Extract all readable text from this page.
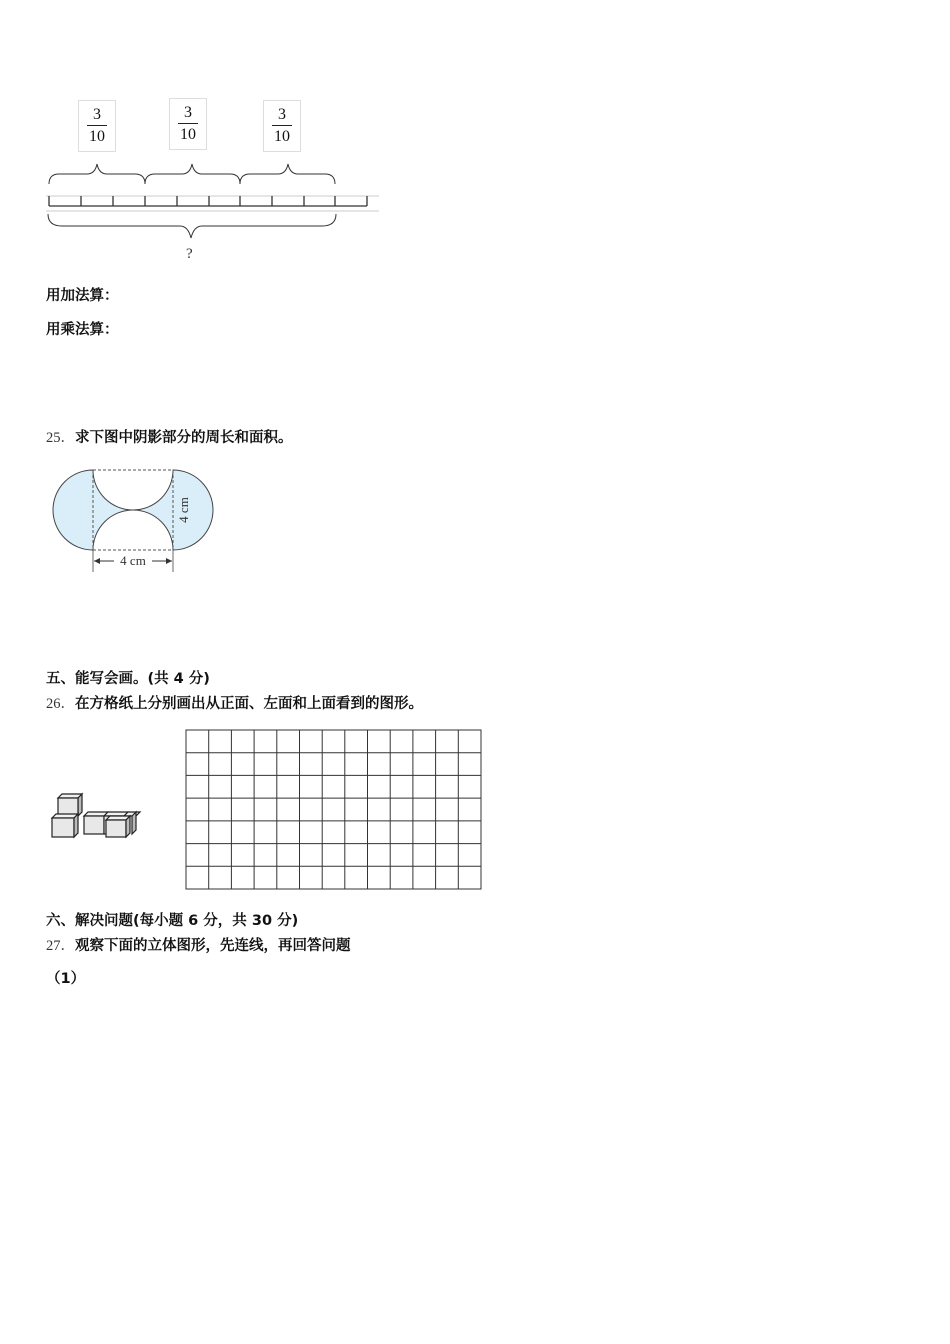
3
10
3
10
3
10
?
用加法算：
用乘法算：
25．求下图中阴影部分的周长和面积。
4 cm
4 cm
五、能写会画。(共 4 分)
26．在方格纸上分别画出从正面、左面和上面看到的图形。
六、解决问题(每小题 6 分，共 30 分)
27．观察下面的立体图形，先连线，再回答问题
（1）
